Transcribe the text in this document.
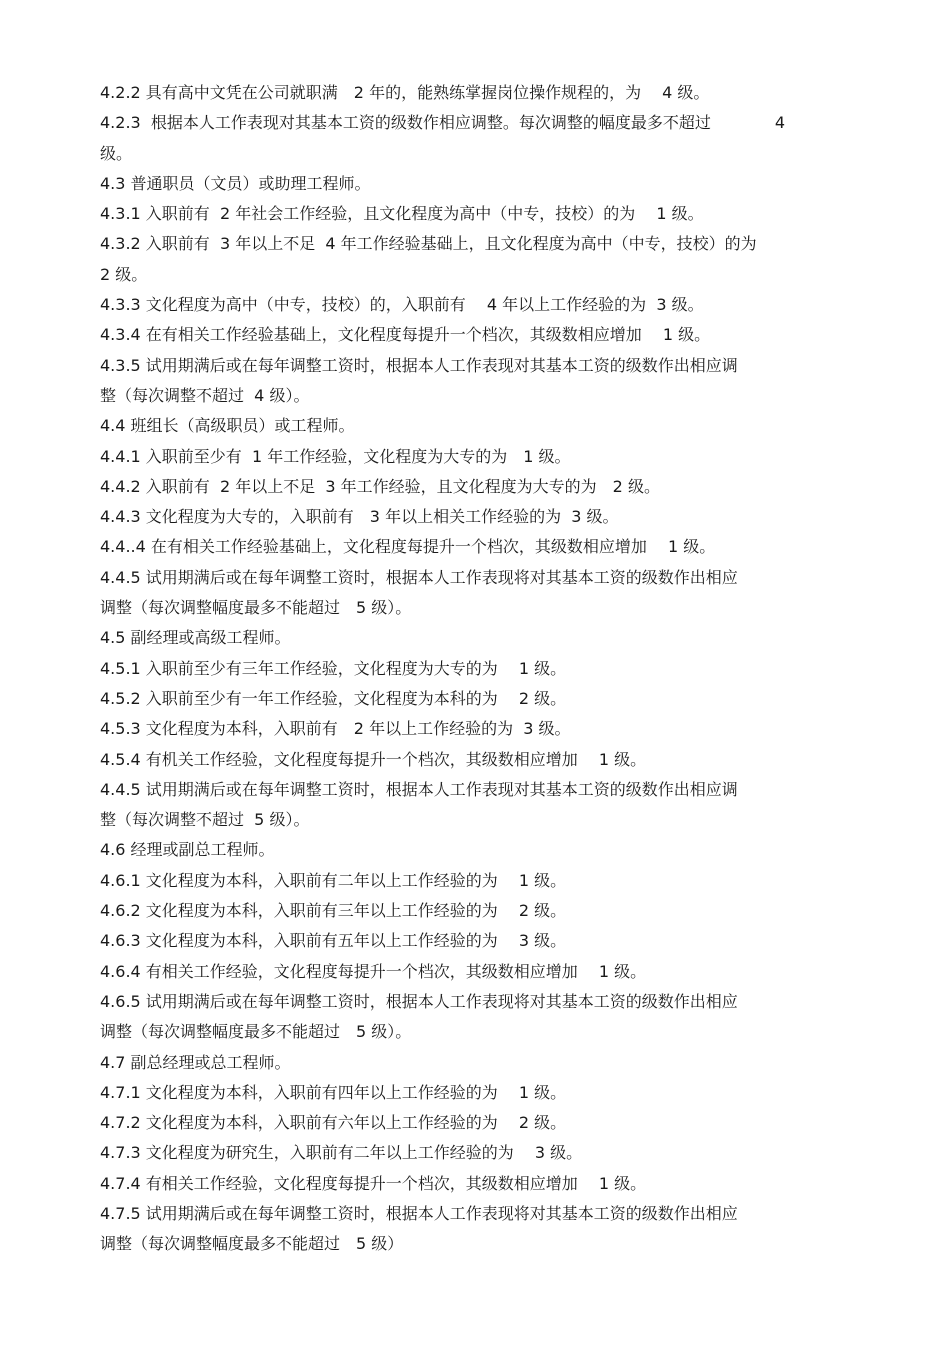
4.2.2 具有高中文凭在公司就职满　2 年的，能熟练掌握岗位操作规程的，为　 4 级。

4.2.3  根据本人工作表现对其基本工资的级数作相应调整。每次调整的幅度最多不超过　　　　4

级。

4.3 普通职员（文员）或助理工程师。

4.3.1 入职前有  2 年社会工作经验，且文化程度为高中（中专，技校）的为　 1 级。

4.3.2 入职前有  3 年以上不足  4 年工作经验基础上，且文化程度为高中（中专，技校）的为

2 级。

4.3.3 文化程度为高中（中专，技校）的，入职前有　 4 年以上工作经验的为  3 级。

4.3.4 在有相关工作经验基础上，文化程度每提升一个档次，其级数相应增加　 1 级。

4.3.5 试用期满后或在每年调整工资时，根据本人工作表现对其基本工资的级数作出相应调

整（每次调整不超过  4 级）。

4.4 班组长（高级职员）或工程师。

4.4.1 入职前至少有  1 年工作经验，文化程度为大专的为　1 级。

4.4.2 入职前有  2 年以上不足  3 年工作经验，且文化程度为大专的为　2 级。

4.4.3 文化程度为大专的，入职前有　3 年以上相关工作经验的为  3 级。

4.4..4 在有相关工作经验基础上，文化程度每提升一个档次，其级数相应增加　 1 级。

4.4.5 试用期满后或在每年调整工资时，根据本人工作表现将对其基本工资的级数作出相应

调整（每次调整幅度最多不能超过　5 级）。

4.5 副经理或高级工程师。

4.5.1 入职前至少有三年工作经验，文化程度为大专的为　 1 级。

4.5.2 入职前至少有一年工作经验，文化程度为本科的为　 2 级。

4.5.3 文化程度为本科，入职前有　2 年以上工作经验的为  3 级。

4.5.4 有机关工作经验，文化程度每提升一个档次，其级数相应增加　 1 级。

4.4.5 试用期满后或在每年调整工资时，根据本人工作表现对其基本工资的级数作出相应调

整（每次调整不超过  5 级）。

4.6 经理或副总工程师。

4.6.1 文化程度为本科，入职前有二年以上工作经验的为　 1 级。

4.6.2 文化程度为本科，入职前有三年以上工作经验的为　 2 级。

4.6.3 文化程度为本科，入职前有五年以上工作经验的为　 3 级。

4.6.4 有相关工作经验，文化程度每提升一个档次，其级数相应增加　 1 级。

4.6.5 试用期满后或在每年调整工资时，根据本人工作表现将对其基本工资的级数作出相应

调整（每次调整幅度最多不能超过　5 级）。

4.7 副总经理或总工程师。

4.7.1 文化程度为本科，入职前有四年以上工作经验的为　 1 级。

4.7.2 文化程度为本科，入职前有六年以上工作经验的为　 2 级。

4.7.3 文化程度为研究生，入职前有二年以上工作经验的为　 3 级。

4.7.4 有相关工作经验，文化程度每提升一个档次，其级数相应增加　 1 级。

4.7.5 试用期满后或在每年调整工资时，根据本人工作表现将对其基本工资的级数作出相应

调整（每次调整幅度最多不能超过　5 级）
